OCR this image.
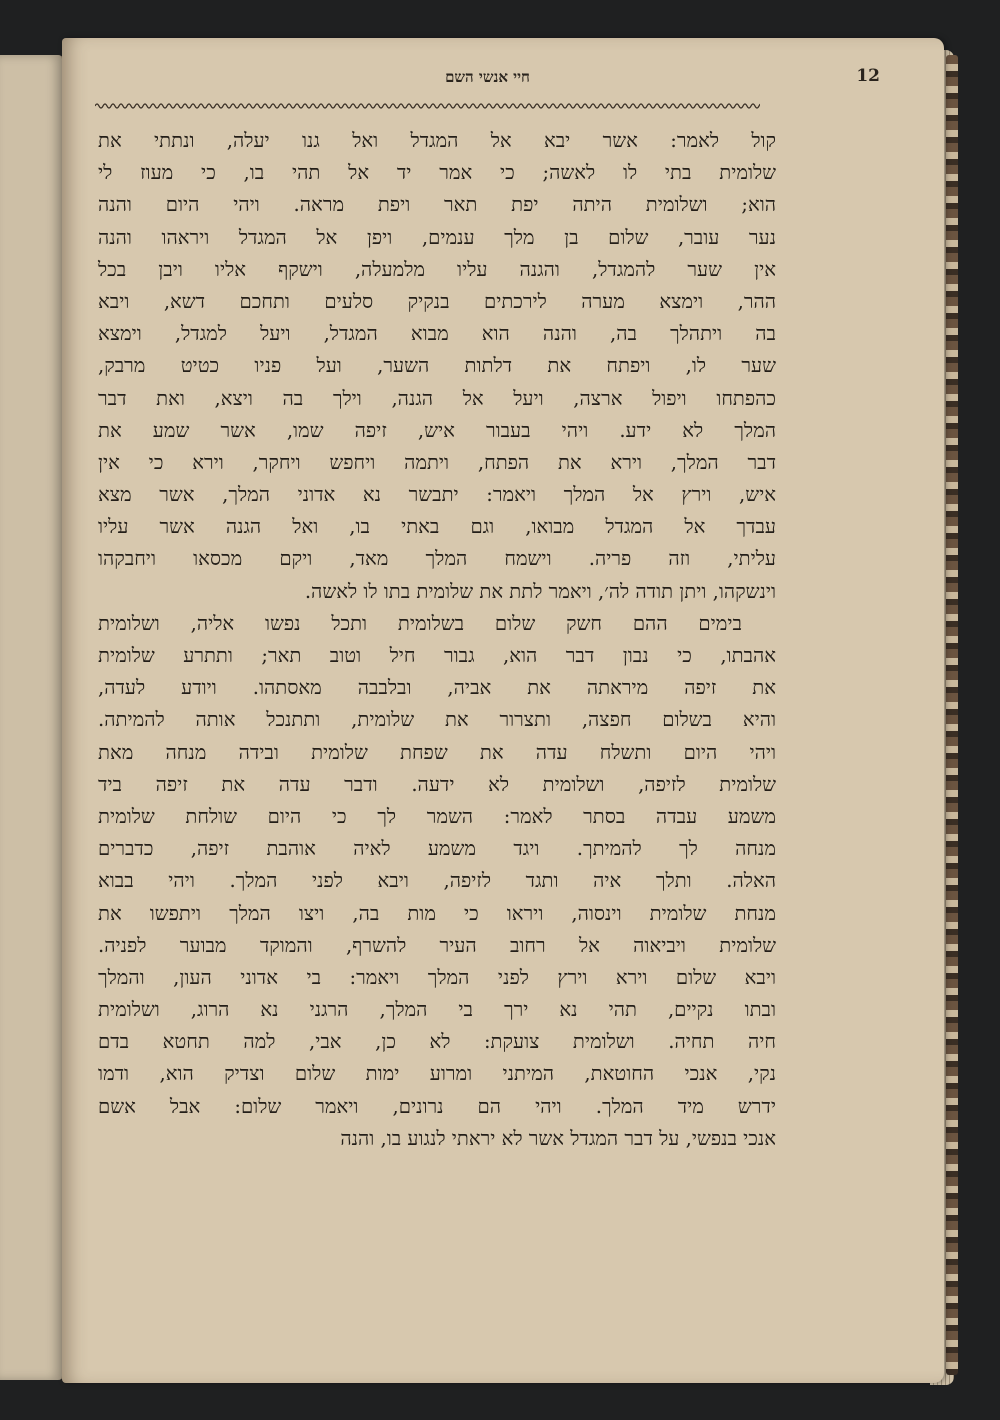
חיי אנשי השם	12
קול לאמר: אשר יבא אל המגדל ואל גנו יעלה, ונתתי את
שלומית בתי לו לאשה; כי אמר יד אל תהי בו, כי מעוז לי
הוא; ושלומית היתה יפת תאר ויפת מראה. ויהי היום והנה
נער עובר, שלום בן מלך ענמים, ויפן אל המגדל ויראהו והנה
אין שער להמגדל, והגנה עליו מלמעלה, וישקף אליו ויבן בכל
ההר, וימצא מערה לירכתים בנקיק סלעים ותחכם דשא, ויבא
בה ויתהלך בה, והנה הוא מבוא המגדל, ויעל למגדל, וימצא
שער לו, ויפתח את דלתות השער, ועל פניו כטיט מרבק,
כהפתחו ויפול ארצה, ויעל אל הגנה, וילך בה ויצא, ואת דבר
המלך לא ידע. ויהי בעבור איש, זיפה שמו, אשר שמע את
דבר המלך, וירא את הפתח, ויתמה ויחפש ויחקר, וירא כי אין
איש, וירץ אל המלך ויאמר: יתבשר נא אדוני המלך, אשר מצא
עבדך אל המגדל מבואו, וגם באתי בו, ואל הגנה אשר עליו
עליתי, וזה פריה. וישמח המלך מאד, ויקם מכסאו ויחבקהו
וינשקהו, ויתן תודה לה׳, ויאמר לתת את שלומית בתו לו לאשה.
בימים ההם חשק שלום בשלומית ותכל נפשו אליה, ושלומית
אהבתו, כי נבון דבר הוא, גבור חיל וטוב תאר; ותתרע שלומית
את זיפה מיראתה את אביה, ובלבבה מאסתהו. ויודע לעדה,
והיא בשלום חפצה, ותצרור את שלומית, ותתנכל אותה להמיתה.
ויהי היום ותשלח עדה את שפחת שלומית ובידה מנחה מאת
שלומית לזיפה, ושלומית לא ידעה. ודבר עדה את זיפה ביד
משמע עבדה בסתר לאמר: השמר לך כי היום שולחת שלומית
מנחה לך להמיתך. ויגד משמע לאיה אוהבת זיפה, כדברים
האלה. ותלך איה ותגד לזיפה, ויבא לפני המלך. ויהי בבוא
מנחת שלומית וינסוה, ויראו כי מות בה, ויצו המלך ויתפשו את
שלומית ויביאוה אל רחוב העיר להשרף, והמוקד מבוער לפניה.
ויבא שלום וירא וירץ לפני המלך ויאמר: בי אדוני העון, והמלך
ובתו נקיים, תהי נא ירך בי המלך, הרגני נא הרוג, ושלומית
חיה תחיה. ושלומית צועקת: לא כן, אבי, למה תחטא בדם
נקי, אנכי החוטאת, המיתני ומרוע ימות שלום וצדיק הוא, ודמו
ידרש מיד המלך. ויהי הם נרונים, ויאמר שלום: אבל אשם
אנכי בנפשי, על דבר המגדל אשר לא יראתי לנגוע בו, והנה
